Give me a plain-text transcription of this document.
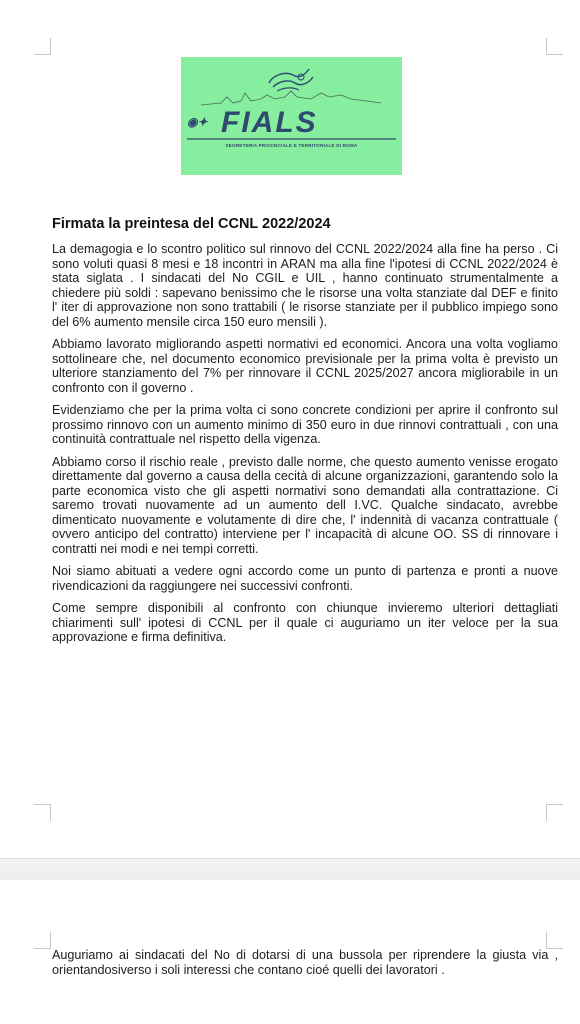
◉✦ FIALS
SEGRETERIA PROVINCIALE E TERRITORIALE DI ROMA
Firmata la preintesa del CCNL 2022/2024

La demagogia e lo scontro politico sul rinnovo del CCNL 2022/2024 alla fine ha perso . Ci sono voluti quasi 8 mesi e 18 incontri in ARAN ma alla fine l'ipotesi di CCNL 2022/2024 è stata siglata . I sindacati del No CGIL e UIL , hanno continuato strumentalmente a chiedere più soldi : sapevano benissimo che le risorse una volta stanziate dal DEF e finito l' iter di approvazione non sono trattabili ( le risorse stanziate per il pubblico impiego sono del 6% aumento mensile circa 150 euro mensili ).

Abbiamo lavorato migliorando aspetti normativi ed economici. Ancora una volta vogliamo sottolineare che, nel documento economico previsionale per la prima volta è previsto un ulteriore stanziamento del 7% per rinnovare il CCNL 2025/2027 ancora migliorabile in un confronto con il governo .

Evidenziamo che per la prima volta ci sono concrete condizioni per aprire il confronto sul prossimo rinnovo con un aumento minimo di 350 euro in due rinnovi contrattuali , con una continuità contrattuale nel rispetto della vigenza.

Abbiamo corso il rischio reale , previsto dalle norme, che questo aumento venisse erogato direttamente dal governo a causa della cecità di alcune organizzazioni, garantendo solo la parte economica visto che gli aspetti normativi sono demandati alla contrattazione. Ci saremo trovati nuovamente ad un aumento dell I.VC. Qualche sindacato, avrebbe dimenticato nuovamente e volutamente di dire che, l' indennità di vacanza contrattuale ( ovvero anticipo del contratto) interviene per l' incapacità di alcune OO. SS di rinnovare i contratti nei modi e nei tempi corretti.

Noi siamo abituati a vedere ogni accordo come un punto di partenza e pronti a nuove rivendicazioni da raggiungere nei successivi confronti.

Come sempre disponibili al confronto con chiunque invieremo ulteriori dettagliati chiarimenti sull' ipotesi di CCNL per il quale ci auguriamo un iter veloce per la sua approvazione e firma definitiva.

Auguriamo ai sindacati del No di dotarsi di una bussola per riprendere la giusta via , orientandosiverso i soli interessi che contano cioé quelli dei lavoratori .
